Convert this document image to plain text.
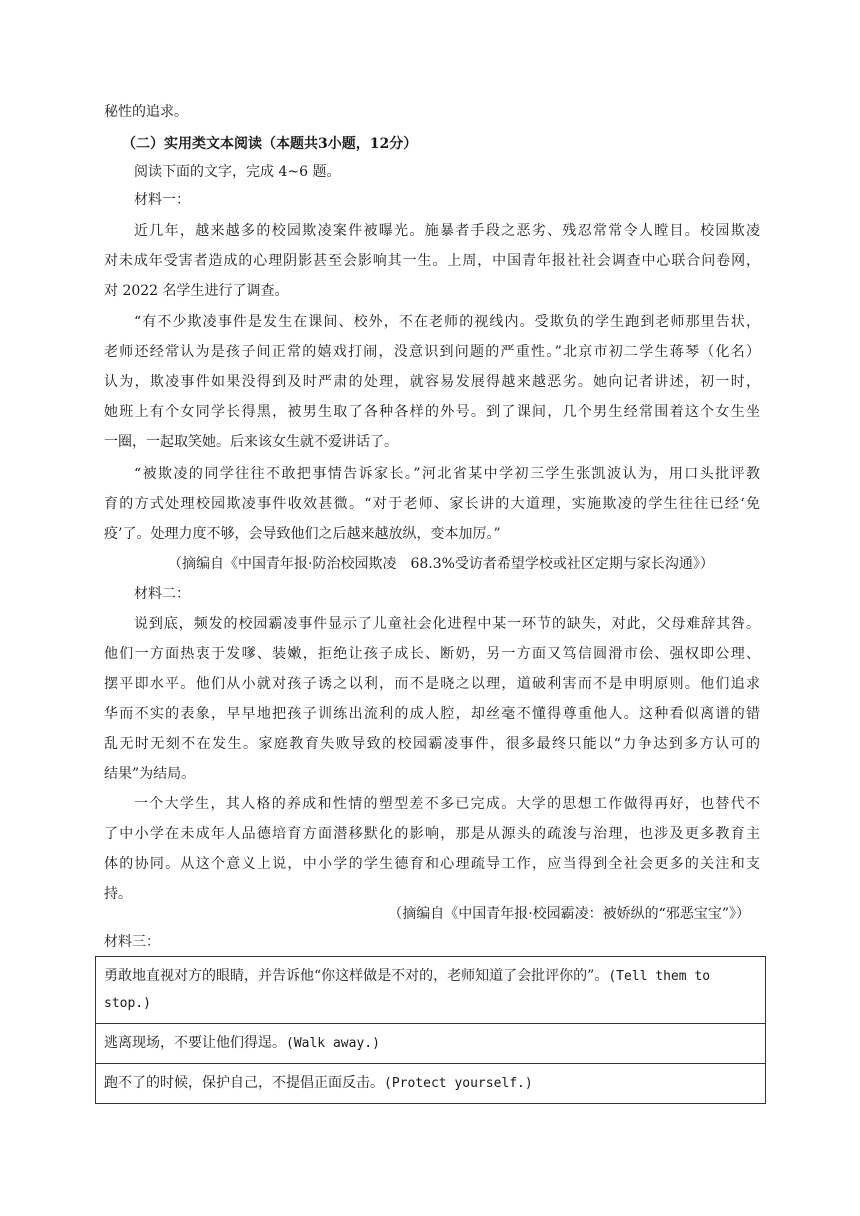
秘性的追求。
（二）实用类文本阅读（本题共3小题，12分）
阅读下面的文字，完成 4~6 题。
材料一：
近几年，越来越多的校园欺凌案件被曝光。施暴者手段之恶劣、残忍常常令人瞠目。校园欺凌
对未成年受害者造成的心理阴影甚至会影响其一生。上周，中国青年报社社会调查中心联合问卷网，
对 2022 名学生进行了调查。
“有不少欺凌事件是发生在课间、校外，不在老师的视线内。受欺负的学生跑到老师那里告状，
老师还经常认为是孩子间正常的嬉戏打闹，没意识到问题的严重性。”北京市初二学生蒋琴（化名）
认为，欺凌事件如果没得到及时严肃的处理，就容易发展得越来越恶劣。她向记者讲述，初一时，
她班上有个女同学长得黑，被男生取了各种各样的外号。到了课间，几个男生经常围着这个女生坐
一圈，一起取笑她。后来该女生就不爱讲话了。
“被欺凌的同学往往不敢把事情告诉家长。”河北省某中学初三学生张凯波认为，用口头批评教
育的方式处理校园欺凌事件收效甚微。“对于老师、家长讲的大道理，实施欺凌的学生往往已经‘免
疫’了。处理力度不够，会导致他们之后越来越放纵，变本加厉。”
（摘编自《中国青年报·防治校园欺凌　68.3%受访者希望学校或社区定期与家长沟通》）
材料二：
说到底，频发的校园霸凌事件显示了儿童社会化进程中某一环节的缺失，对此，父母难辞其咎。
他们一方面热衷于发嗲、装嫩，拒绝让孩子成长、断奶，另一方面又笃信圆滑市侩、强权即公理、
摆平即水平。他们从小就对孩子诱之以利，而不是晓之以理，道破利害而不是申明原则。他们追求
华而不实的表象，早早地把孩子训练出流利的成人腔，却丝毫不懂得尊重他人。这种看似离谱的错
乱无时无刻不在发生。家庭教育失败导致的校园霸凌事件，很多最终只能以“力争达到多方认可的
结果”为结局。
一个大学生，其人格的养成和性情的塑型差不多已完成。大学的思想工作做得再好，也替代不
了中小学在未成年人品德培育方面潜移默化的影响，那是从源头的疏浚与治理，也涉及更多教育主
体的协同。从这个意义上说，中小学的学生德育和心理疏导工作，应当得到全社会更多的关注和支
持。
（摘编自《中国青年报·校园霸凌：被娇纵的“邪恶宝宝”》）
材料三：
勇敢地直视对方的眼睛，并告诉他“你这样做是不对的，老师知道了会批评你的”。(Tell them to stop.)
逃离现场，不要让他们得逞。(Walk away.)
跑不了的时候，保护自己，不提倡正面反击。(Protect yourself.)
